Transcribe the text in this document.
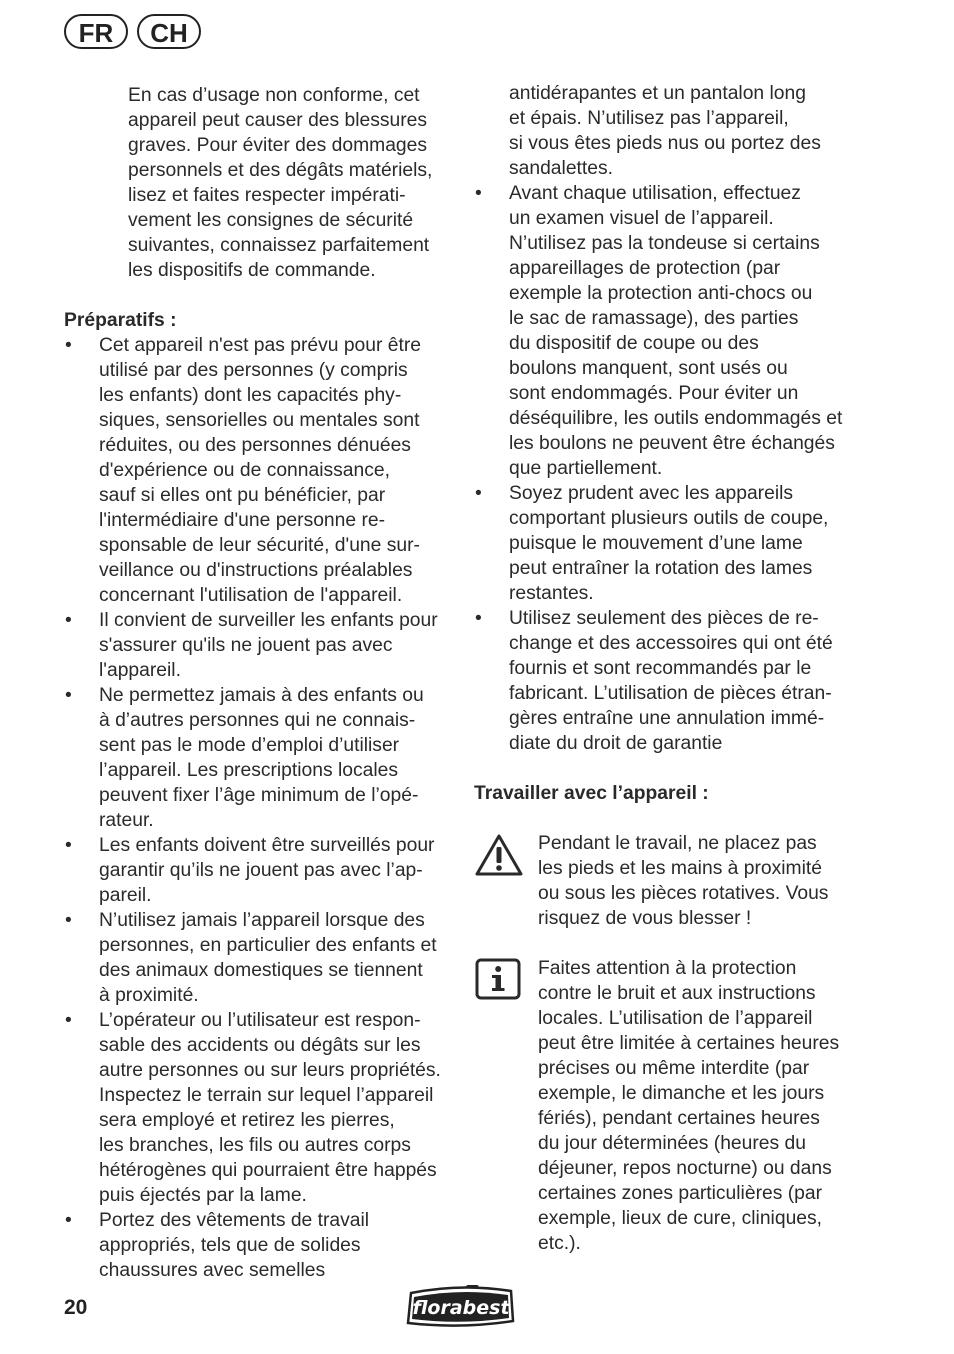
FR	CH
En cas d’usage non conforme, cet
appareil peut causer des blessures
graves. Pour éviter des dommages
personnels et des dégâts matériels,
lisez et faites respecter impérati-
vement les consignes de sécurité
suivantes, connaissez parfaitement
les dispositifs de commande.
Préparatifs :
• Cet appareil n'est pas prévu pour être
utilisé par des personnes (y compris
les enfants) dont les capacités phy-
siques, sensorielles ou mentales sont
réduites, ou des personnes dénuées
d'expérience ou de connaissance,
sauf si elles ont pu bénéficier, par
l'intermédiaire d'une personne re-
sponsable de leur sécurité, d'une sur-
veillance ou d'instructions préalables
concernant l'utilisation de l'appareil.
• Il convient de surveiller les enfants pour
s'assurer qu'ils ne jouent pas avec
l'appareil.
• Ne permettez jamais à des enfants ou
à d’autres personnes qui ne connais-
sent pas le mode d’emploi d’utiliser
l’appareil. Les prescriptions locales
peuvent fixer l’âge minimum de l’opé-
rateur.
• Les enfants doivent être surveillés pour
garantir qu’ils ne jouent pas avec l’ap-
pareil.
• N’utilisez jamais l’appareil lorsque des
personnes, en particulier des enfants et
des animaux domestiques se tiennent
à proximité.
• L’opérateur ou l’utilisateur est respon-
sable des accidents ou dégâts sur les
autre personnes ou sur leurs propriétés.
Inspectez le terrain sur lequel l’appareil
sera employé et retirez les pierres,
les branches, les fils ou autres corps
hétérogènes qui pourraient être happés
puis éjectés par la lame.
• Portez des vêtements de travail
appropriés, tels que de solides
chaussures avec semelles
antidérapantes et un pantalon long
et épais. N’utilisez pas l’appareil,
si vous êtes pieds nus ou portez des
sandalettes.
• Avant chaque utilisation, effectuez
un examen visuel de l’appareil.
N’utilisez pas la tondeuse si certains
appareillages de protection (par
exemple la protection anti-chocs ou
le sac de ramassage), des parties
du dispositif de coupe ou des
boulons manquent, sont usés ou
sont endommagés. Pour éviter un
déséquilibre, les outils endommagés et
les boulons ne peuvent être échangés
que partiellement.
• Soyez prudent avec les appareils
comportant plusieurs outils de coupe,
puisque le mouvement d’une lame
peut entraîner la rotation des lames
restantes.
• Utilisez seulement des pièces de re-
change et des accessoires qui ont été
fournis et sont recommandés par le
fabricant. L’utilisation de pièces étran-
gères entraîne une annulation immé-
diate du droit de garantie
Travailler avec l’appareil :
Pendant le travail, ne placez pas
les pieds et les mains à proximité
ou sous les pièces rotatives. Vous
risquez de vous blesser !
Faites attention à la protection
contre le bruit et aux instructions
locales. L’utilisation de l’appareil
peut être limitée à certaines heures
précises ou même interdite (par
exemple, le dimanche et les jours
fériés), pendant certaines heures
du jour déterminées (heures du
déjeuner, repos nocturne) ou dans
certaines zones particulières (par
exemple, lieux de cure, cliniques,
etc.).
20	florabest
